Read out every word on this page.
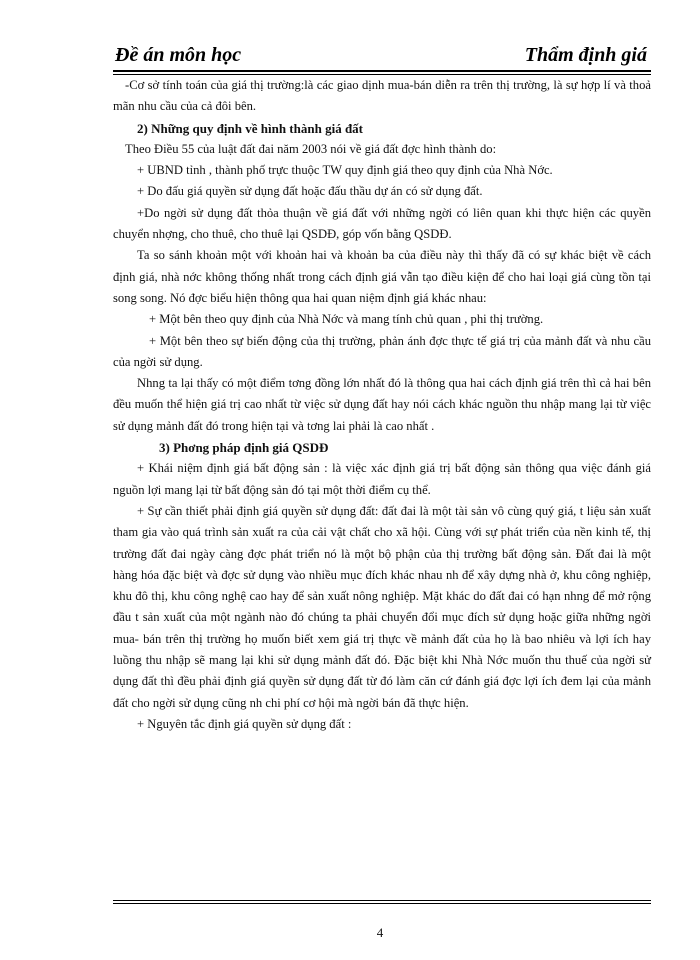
Đề án môn học	Thẩm định giá

-Cơ sở tính toán của giá thị trường:là các giao dịnh mua-bán diễn ra trên thị trường, là sự hợp lí và thoả mãn nhu cầu của cả đôi bên.

2) Những quy định về hình thành giá đất

Theo Điều 55 của luật đất đai năm 2003 nói về giá đất đợc hình thành do:

+ UBND tỉnh , thành phố trực thuộc TW quy định giá theo quy định của Nhà Nớc.

+ Do đấu giá quyền sử dụng đất hoặc đấu thầu dự án có sử dụng đất.

+Do ngời sử dụng đất thỏa thuận về giá đất với những ngời có liên quan khi thực hiện các quyền chuyển nhợng, cho thuê, cho thuê lại QSDĐ, góp vốn bằng QSDĐ.

Ta so sánh khoản một với khoản hai và khoản ba của điều này thì thấy đã có sự khác biệt về cách định giá, nhà nớc không thống nhất trong cách định giá vẫn tạo điều kiện để cho hai loại giá cùng tồn tại song song. Nó đợc biểu hiện thông qua hai quan niệm định giá khác nhau:

+ Một bên theo quy định của Nhà Nớc và mang tính chủ quan , phi thị trường.

+ Một bên theo sự biến động của thị trường, phản ánh đợc thực tế giá trị của mảnh đất và nhu cầu của ngời sử dụng.

Nhng ta lại thấy có một điểm tơng đồng lớn nhất đó là thông qua hai cách định giá trên thì cả hai bên đều muốn thể hiện giá trị cao nhất từ việc sử dụng đất hay nói cách khác nguồn thu nhập mang lại từ việc sử dụng mảnh đất đó trong hiện tại và tơng lai phải là cao nhất .

3) Phơng pháp định giá QSDĐ

+ Khái niệm định giá bất động sản : là việc xác định giá trị bất động sản thông qua việc đánh giá nguồn lợi mang lại từ bất động sản đó tại một thời điểm cụ thể.

+ Sự cần thiết phải định giá quyền sử dụng đất: đất đai là một tài sản vô cùng quý giá, t liệu sản xuất tham gia vào quá trình sản xuất ra của cải vật chất cho xã hội. Cùng với sự phát triển của nền kinh tế, thị trường đất đai ngày càng đợc phát triển nó là một bộ phận của thị trường bất động sản. Đất đai là một hàng hóa đặc biệt và đợc sử dụng vào nhiều mục đích khác nhau nh để xây dựng nhà ở, khu công nghiệp, khu đô thị, khu công nghệ cao hay để sản xuất nông nghiệp. Mặt khác do đất đai có hạn nhng để mở rộng đầu t sản xuất của một ngành nào đó chúng ta phải chuyển đổi mục đích sử dụng hoặc giữa những ngời mua- bán trên thị trường họ muốn biết xem giá trị thực về mảnh đất của họ là bao nhiêu và lợi ích hay luồng thu nhập sẽ mang lại khi sử dụng mảnh đất đó. Đặc biệt khi Nhà Nớc muốn thu thuế của ngời sử dụng đất thì đều phải định giá quyền sử dụng đất từ đó làm căn cứ đánh giá đợc lợi ích đem lại của mảnh đất cho ngời sử dụng cũng nh chi phí cơ hội mà ngời bán đã thực hiện.

+ Nguyên tắc định giá quyền sử dụng đất :

4
